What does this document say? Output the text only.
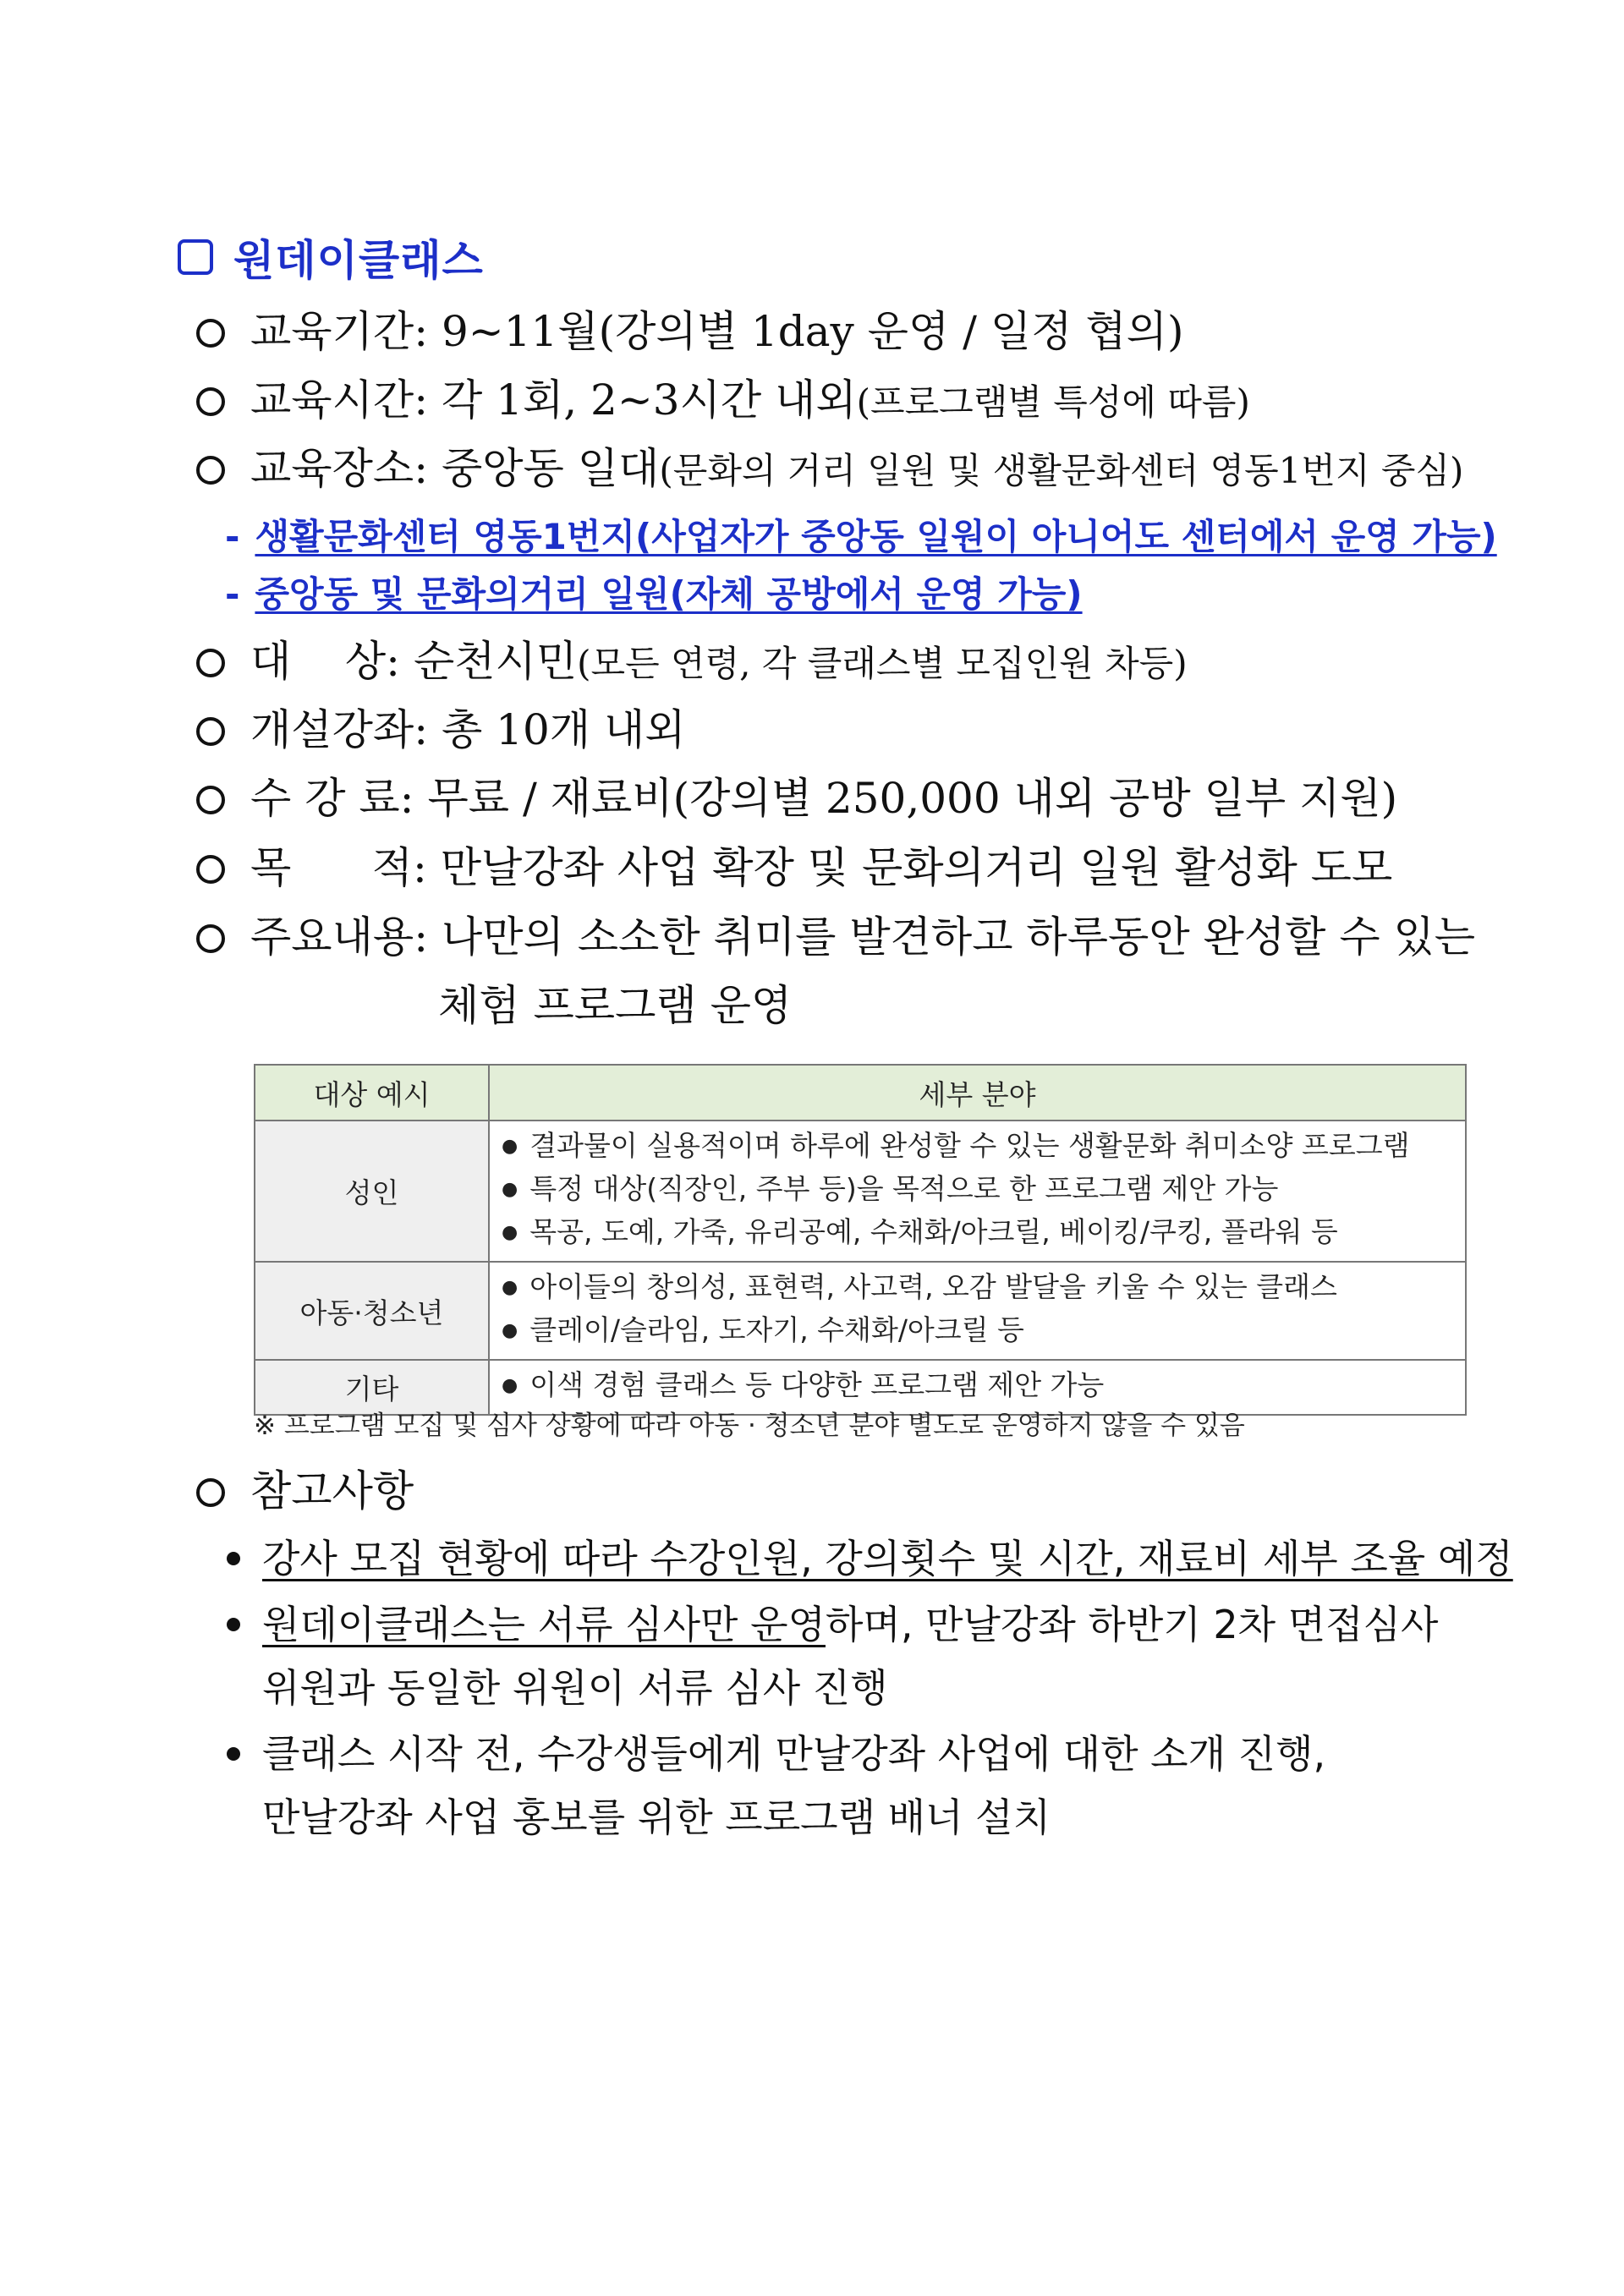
원데이클래스
교육기간:
9~11월(강의별 1day 운영 / 일정 협의)
교육시간:
각 1회, 2~3시간 내외 (프로그램별 특성에 따름)
교육장소:
중앙동 일대 (문화의 거리 일원 및 생활문화센터 영동1번지 중심)
- 생활문화센터 영동1번지(사업자가 중앙동 일원이 아니어도 센터에서 운영 가능)
- 중앙동 및 문화의거리 일원(자체 공방에서 운영 가능)
대    상:
순천시민 (모든 연령, 각 클래스별 모집인원 차등)
개설강좌:
총 10개 내외
수 강 료:
무료 / 재료비(강의별 250,000 내외 공방 일부 지원)
목      적:
만날강좌 사업 확장 및 문화의거리 일원 활성화 도모
주요내용:
나만의 소소한 취미를 발견하고 하루동안 완성할 수 있는
체험 프로그램 운영
대상 예시	세부 분야
성인	● 결과물이 실용적이며 하루에 완성할 수 있는 생활문화 취미소양 프로그램
● 특정 대상(직장인, 주부 등)을 목적으로 한 프로그램 제안 가능
● 목공, 도예, 가죽, 유리공예, 수채화/아크릴, 베이킹/쿠킹, 플라워 등

아동·청소년	● 아이들의 창의성, 표현력, 사고력, 오감 발달을 키울 수 있는 클래스
● 클레이/슬라임, 도자기, 수채화/아크릴 등

기타	● 이색 경험 클래스 등 다양한 프로그램 제안 가능
※ 프로그램 모집 및 심사 상황에 따라 아동 · 청소년 분야 별도로 운영하지 않을 수 있음
참고사항
강사 모집 현황에 따라 수강인원, 강의횟수 및 시간, 재료비 세부 조율 예정
원데이클래스는 서류 심사만 운영하며, 만날강좌 하반기 2차 면접심사
위원과 동일한 위원이 서류 심사 진행
클래스 시작 전, 수강생들에게 만날강좌 사업에 대한 소개 진행,
만날강좌 사업 홍보를 위한 프로그램 배너 설치
